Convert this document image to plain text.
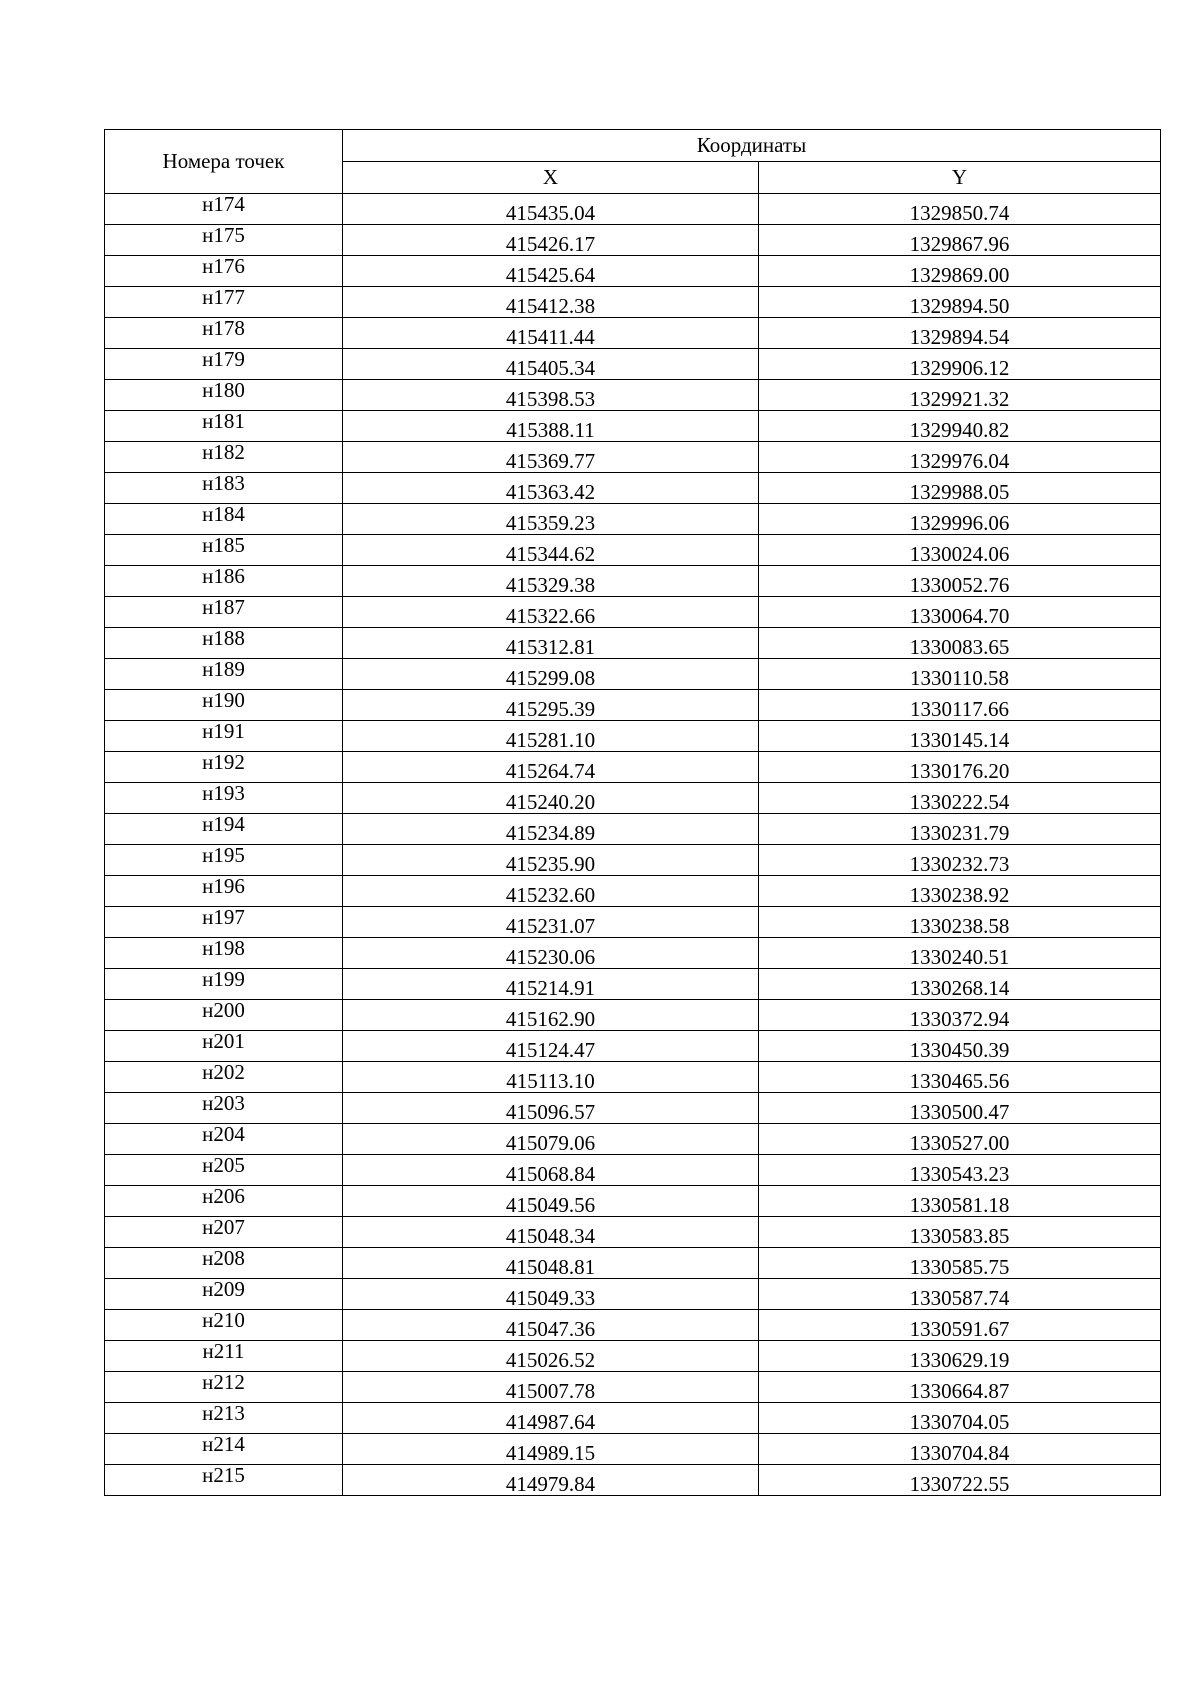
Номера точек	Координаты	
	X	Y
н174	415435.04	1329850.74
н175	415426.17	1329867.96
н176	415425.64	1329869.00
н177	415412.38	1329894.50
н178	415411.44	1329894.54
н179	415405.34	1329906.12
н180	415398.53	1329921.32
н181	415388.11	1329940.82
н182	415369.77	1329976.04
н183	415363.42	1329988.05
н184	415359.23	1329996.06
н185	415344.62	1330024.06
н186	415329.38	1330052.76
н187	415322.66	1330064.70
н188	415312.81	1330083.65
н189	415299.08	1330110.58
н190	415295.39	1330117.66
н191	415281.10	1330145.14
н192	415264.74	1330176.20
н193	415240.20	1330222.54
н194	415234.89	1330231.79
н195	415235.90	1330232.73
н196	415232.60	1330238.92
н197	415231.07	1330238.58
н198	415230.06	1330240.51
н199	415214.91	1330268.14
н200	415162.90	1330372.94
н201	415124.47	1330450.39
н202	415113.10	1330465.56
н203	415096.57	1330500.47
н204	415079.06	1330527.00
н205	415068.84	1330543.23
н206	415049.56	1330581.18
н207	415048.34	1330583.85
н208	415048.81	1330585.75
н209	415049.33	1330587.74
н210	415047.36	1330591.67
н211	415026.52	1330629.19
н212	415007.78	1330664.87
н213	414987.64	1330704.05
н214	414989.15	1330704.84
н215	414979.84	1330722.55
